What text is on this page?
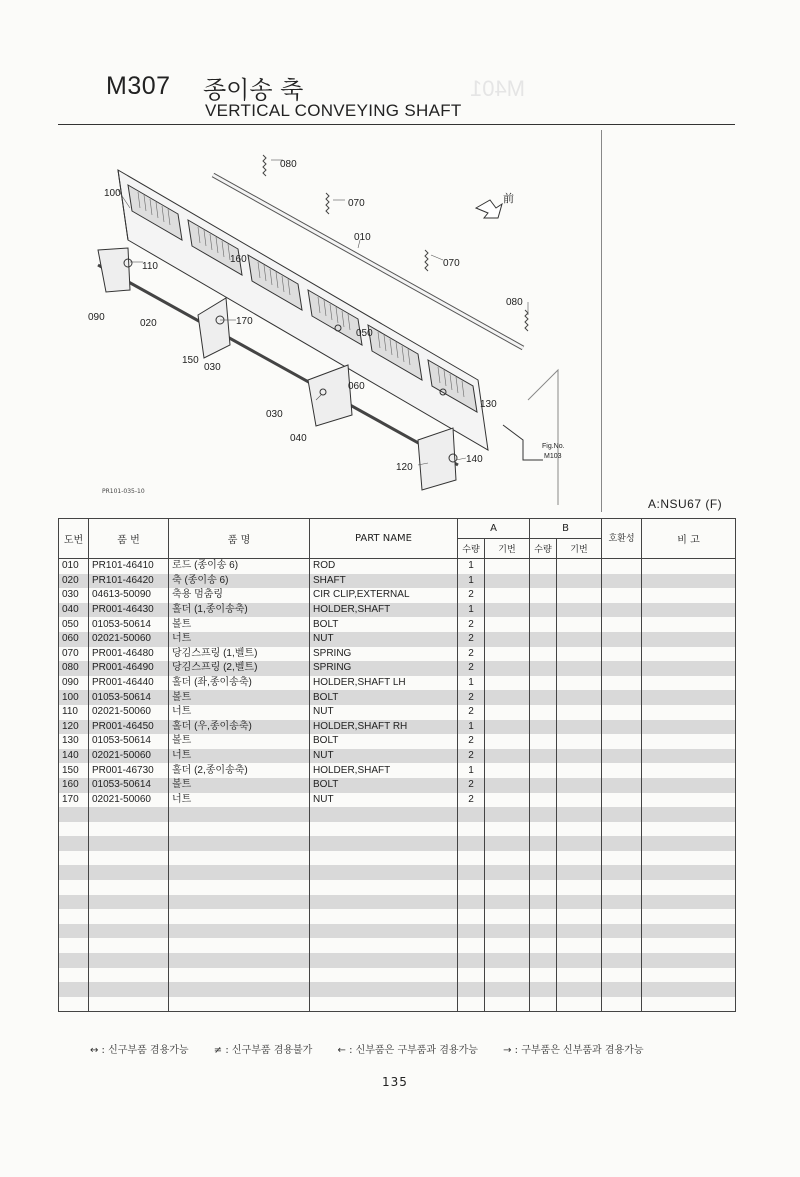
M401
M307 종이송 축
VERTICAL CONVEYING SHAFT
080
070
010
100
110
160	070
080
090
020	170
050
150
030
060
130
030
040
120
140
前
Fig.No.
M103
PR101-035-10
A:NSU67 (F)
도번	품 번	품 명	PART NAME	A		B		호환성	비 고
				수량	기번	수량	기번		
010	PR101-46410	로드 (종이송 6)	ROD	1					
020	PR101-46420	축 (종이송 6)	SHAFT	1					
030	04613-50090	축용 멈춤링	CIR CLIP,EXTERNAL	2					
040	PR001-46430	홀더 (1,종이송축)	HOLDER,SHAFT	1					
050	01053-50614	볼트	BOLT	2					
060	02021-50060	너트	NUT	2					
070	PR001-46480	당김스프링 (1,벨트)	SPRING	2					
080	PR001-46490	당김스프링 (2,벨트)	SPRING	2					
090	PR001-46440	홀더 (좌,종이송축)	HOLDER,SHAFT LH	1					
100	01053-50614	볼트	BOLT	2					
110	02021-50060	너트	NUT	2					
120	PR001-46450	홀더 (우,종이송축)	HOLDER,SHAFT RH	1					
130	01053-50614	볼트	BOLT	2					
140	02021-50060	너트	NUT	2					
150	PR001-46730	홀더 (2,종이송축)	HOLDER,SHAFT	1					
160	01053-50614	볼트	BOLT	2					
170	02021-50060	너트	NUT	2					

↔ : 신구부품 겸용가능	≠ : 신구부품 겸용불가	← : 신부품은 구부품과 겸용가능	→ : 구부품은 신부품과 겸용가능
135
